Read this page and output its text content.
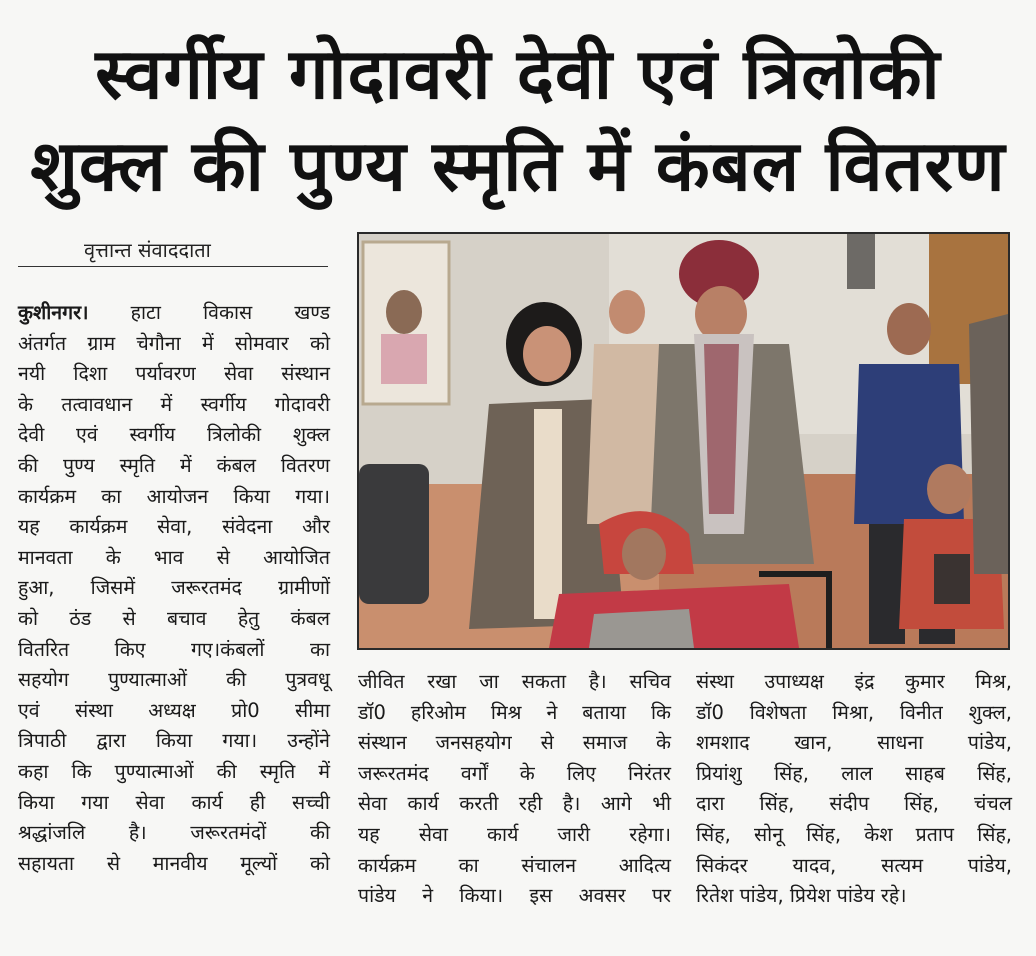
स्वर्गीय गोदावरी देवी एवं त्रिलोकी
शुक्ल की पुण्य स्मृति में कंबल वितरण
वृत्तान्त संवाददाता

कुशीनगर। हाटा विकास खण्ड

अंतर्गत ग्राम चेगौना में सोमवार को

नयी दिशा पर्यावरण सेवा संस्थान

के तत्वावधान में स्वर्गीय गोदावरी

देवी एवं स्वर्गीय त्रिलोकी शुक्ल

की पुण्य स्मृति में कंबल वितरण

कार्यक्रम का आयोजन किया गया।

यह कार्यक्रम सेवा, संवेदना और

मानवता के भाव से आयोजित

हुआ, जिसमें जरूरतमंद ग्रामीणों

को ठंड से बचाव हेतु कंबल

वितरित किए गए।कंबलों का

सहयोग पुण्यात्माओं की पुत्रवधू

एवं संस्था अध्यक्ष प्रो0 सीमा

त्रिपाठी द्वारा किया गया। उन्होंने

कहा कि पुण्यात्माओं की स्मृति में

किया गया सेवा कार्य ही सच्ची

श्रद्धांजलि है। जरूरतमंदों की

सहायता से मानवीय मूल्यों को

जीवित रखा जा सकता है। सचिव

डॉ0 हरिओम मिश्र ने बताया कि

संस्थान जनसहयोग से समाज के

जरूरतमंद वर्गों के लिए निरंतर

सेवा कार्य करती रही है। आगे भी

यह सेवा कार्य जारी रहेगा।

कार्यक्रम का संचालन आदित्य

पांडेय ने किया। इस अवसर पर

संस्था उपाध्यक्ष इंद्र कुमार मिश्र,

डॉ0 विशेषता मिश्रा, विनीत शुक्ल,

शमशाद खान, साधना पांडेय,

प्रियांशु सिंह, लाल साहब सिंह,

दारा सिंह, संदीप सिंह, चंचल

सिंह, सोनू सिंह, केश प्रताप सिंह,

सिकंदर यादव, सत्यम पांडेय,

रितेश पांडेय, प्रियेश पांडेय रहे।
